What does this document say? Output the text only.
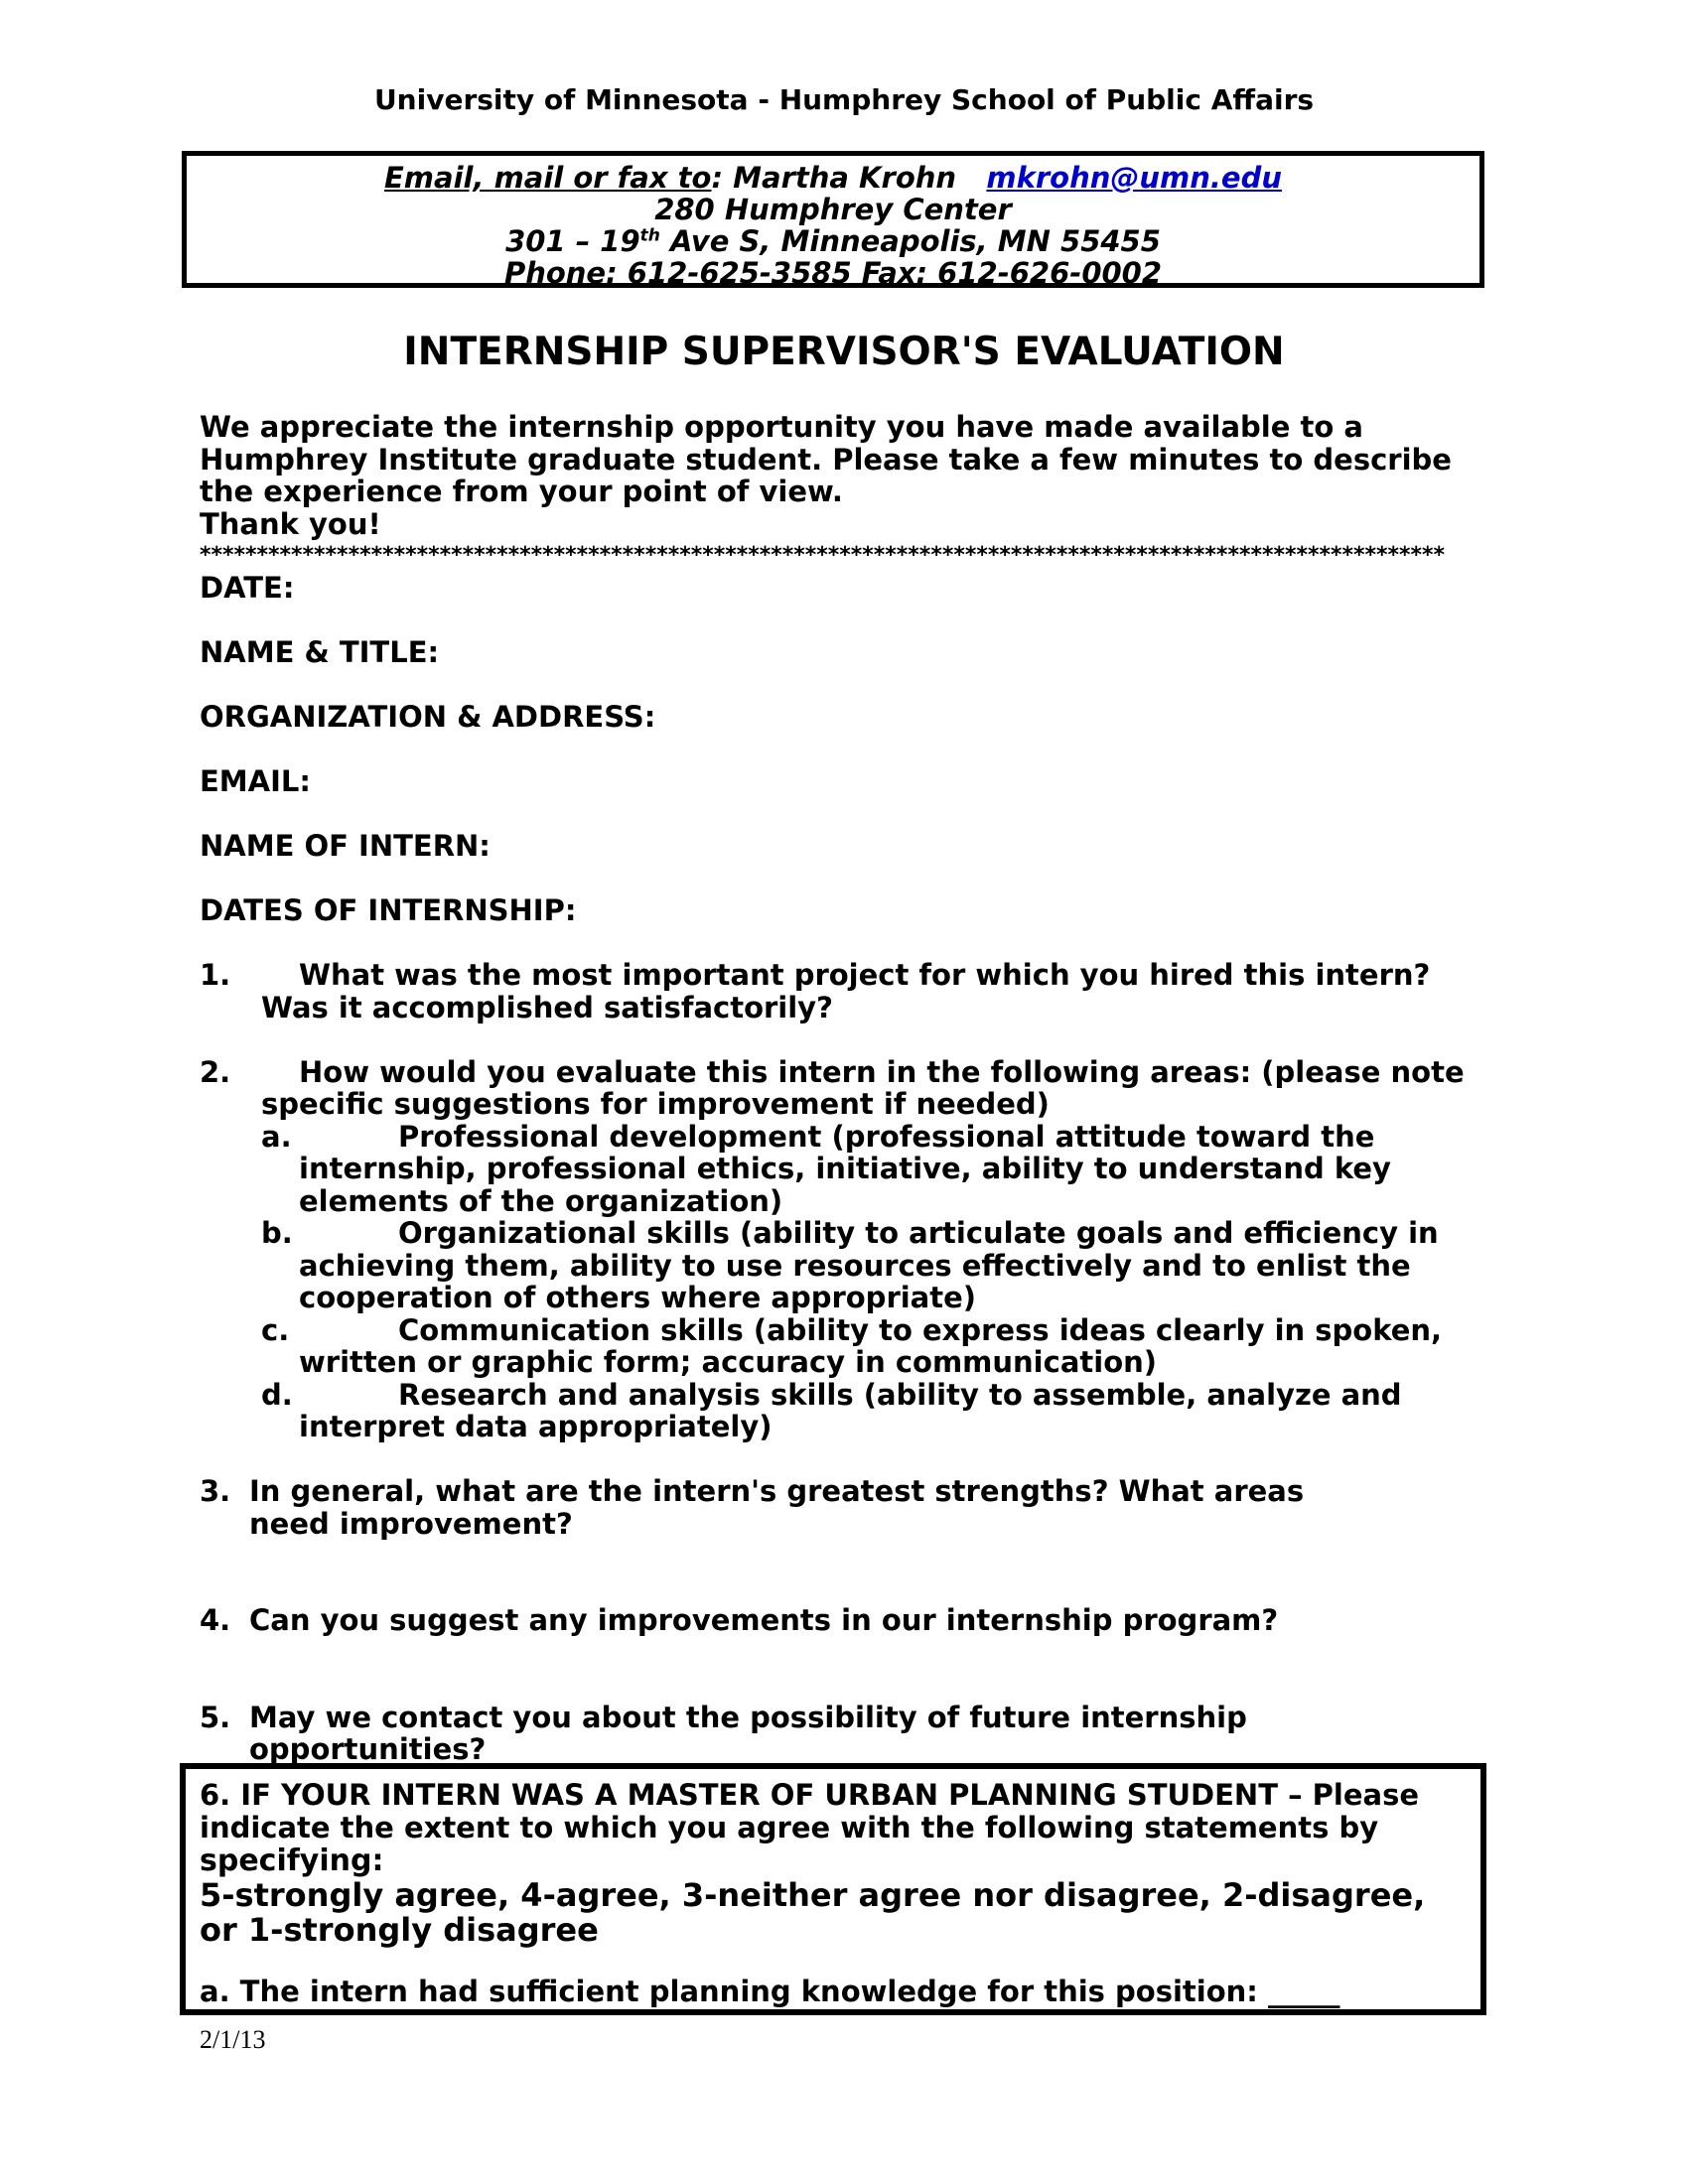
University of Minnesota - Humphrey School of Public Affairs
Email, mail or fax to: Martha Krohn mkrohn@umn.edu
280 Humphrey Center
301 – 19th Ave S, Minneapolis, MN 55455
Phone: 612-625-3585 Fax: 612-626-0002
INTERNSHIP SUPERVISOR'S EVALUATION

We appreciate the internship opportunity you have made available to a Humphrey Institute graduate student. Please take a few minutes to describe the experience from your point of view.

Thank you!

*************************************************************************************************************

DATE:

NAME & TITLE:

ORGANIZATION & ADDRESS:

EMAIL:

NAME OF INTERN:

DATES OF INTERNSHIP:

1.	What was the most important project for which you hired this intern? Was it accomplished satisfactorily?
2.	How would you evaluate this intern in the following areas: (please note specific suggestions for improvement if needed)
a.	Professional development (professional attitude toward the internship, professional ethics, initiative, ability to understand key elements of the organization)
b.	Organizational skills (ability to articulate goals and efficiency in achieving them, ability to use resources effectively and to enlist the cooperation of others where appropriate)
c.	Communication skills (ability to express ideas clearly in spoken, written or graphic form; accuracy in communication)
d.	Research and analysis skills (ability to assemble, analyze and interpret data appropriately)
3. In general, what are the intern's greatest strengths? What areas need improvement?
4. Can you suggest any improvements in our internship program?
5. May we contact you about the possibility of future internship opportunities?
6. IF YOUR INTERN WAS A MASTER OF URBAN PLANNING STUDENT – Please indicate the extent to which you agree with the following statements by
specifying:
5-strongly agree, 4-agree, 3-neither agree nor disagree, 2-disagree, or 1-strongly disagree
a. The intern had sufficient planning knowledge for this position: _____
2/1/13
